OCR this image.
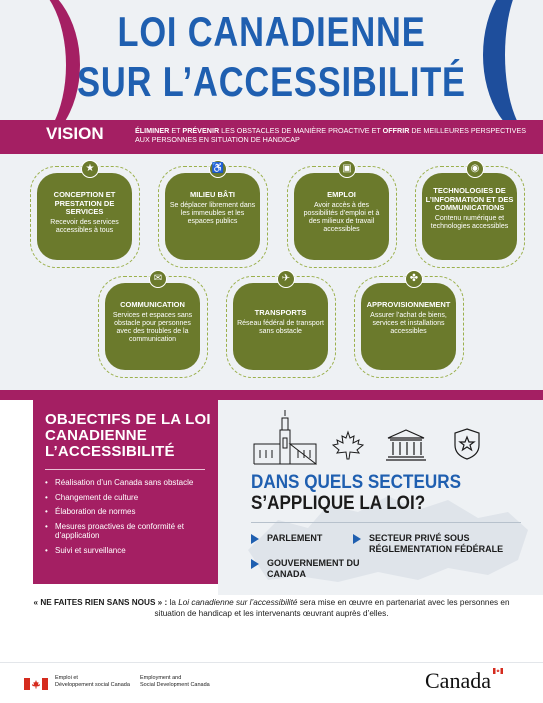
LOI CANADIENNE
SUR L’ACCESSIBILITÉ
VISION	ÉLIMINER ET PRÉVENIR LES OBSTACLES DE MANIÈRE PROACTIVE ET OFFRIR DE MEILLEURES PERSPECTIVES AUX PERSONNES EN SITUATION DE HANDICAP
★
CONCEPTION ET PRESTATION DE SERVICES
Recevoir des services accessibles à tous
♿
MILIEU BÂTI
Se déplacer librement dans les immeubles et les espaces publics
▣
EMPLOI
Avoir accès à des possibilités d’emploi et à des milieux de travail accessibles
◉
TECHNOLOGIES DE L’INFORMATION ET DES COMMUNICATIONS
Contenu numérique et technologies accessibles
✉
COMMUNICATION
Services et espaces sans obstacle pour personnes avec des troubles de la communication
✈
TRANSPORTS
Réseau fédéral de transport sans obstacle
✤
APPROVISIONNEMENT
Assurer l’achat de biens, services et installations accessibles
OBJECTIFS DE LA LOI CANADIENNE L’ACCESSIBILITÉ
• Réalisation d’un Canada sans obstacle
• Changement de culture
• Élaboration de normes
• Mesures proactives de conformité et d’application
• Suivi et surveillance
DANS QUELS SECTEURS
S’APPLIQUE LA LOI?
PARLEMENT
GOUVERNEMENT DU CANADA
SECTEUR PRIVÉ SOUS RÉGLEMENTATION FÉDÉRALE
« NE FAITES RIEN SANS NOUS » : la Loi canadienne sur l’accessibilité sera mise en œuvre en partenariat avec les personnes en situation de handicap et les intervenants œuvrant auprès d’elles.
Emploi et
Développement social Canada
Employment and
Social Development Canada	Canada
